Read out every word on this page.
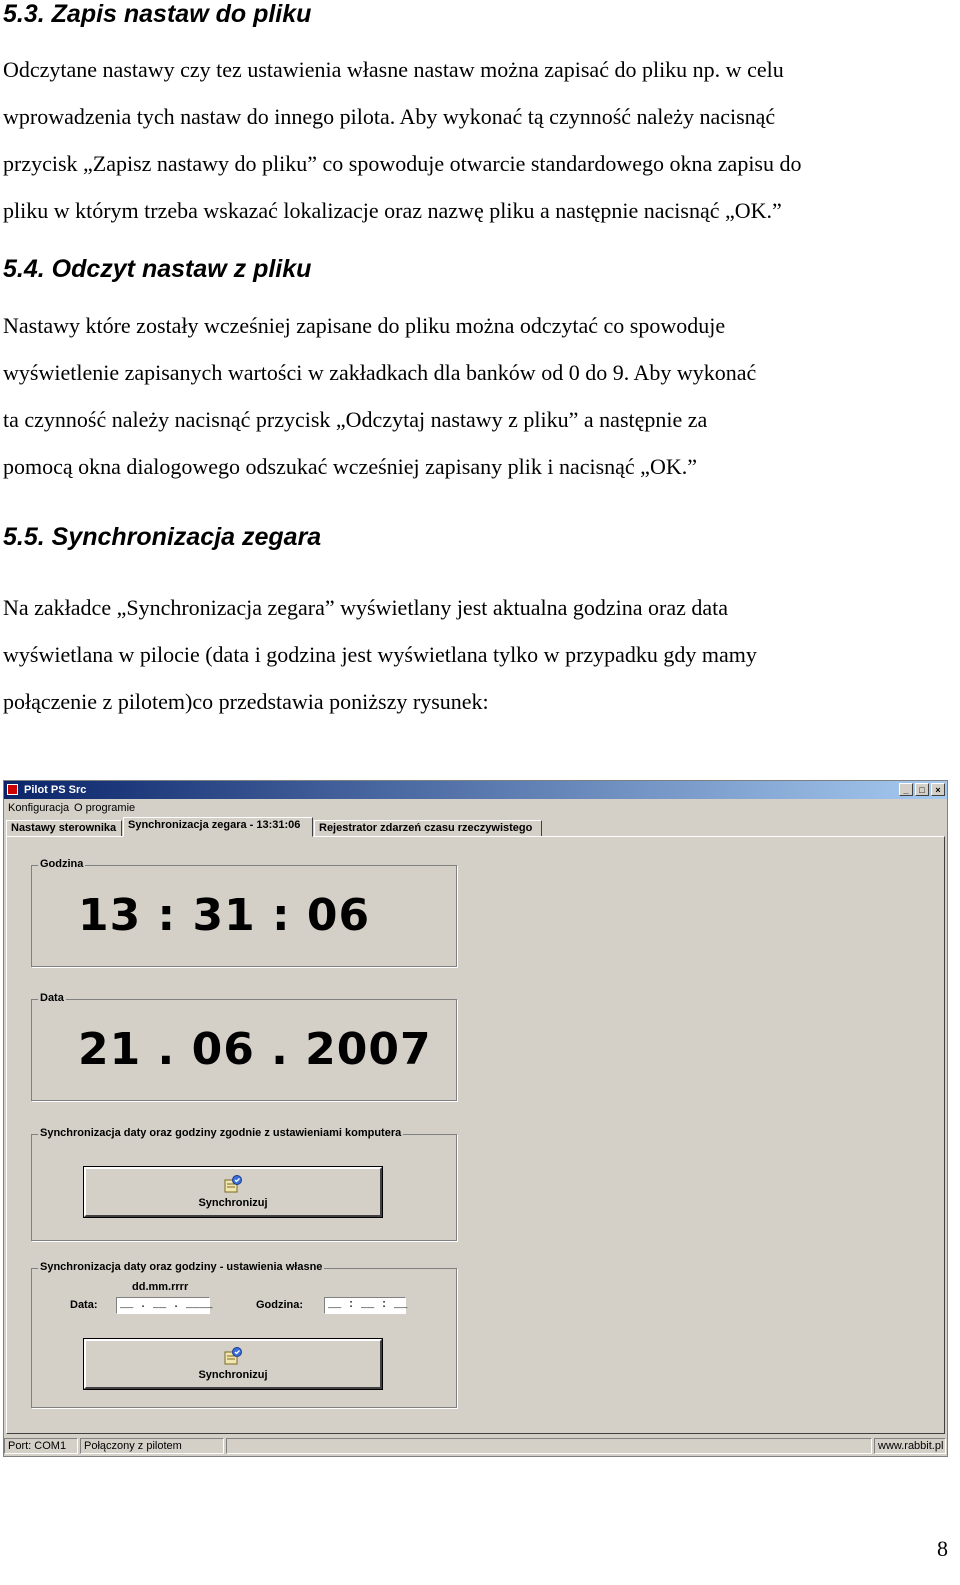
5.3. Zapis nastaw do pliku
Odczytane nastawy czy tez ustawienia własne nastaw można zapisać do pliku np. w celu
wprowadzenia tych nastaw do innego pilota. Aby wykonać tą czynność należy nacisnąć
przycisk „Zapisz nastawy do pliku” co spowoduje otwarcie standardowego okna zapisu do
pliku w którym trzeba wskazać lokalizacje oraz nazwę pliku a następnie nacisnąć „OK.”
5.4. Odczyt nastaw z pliku
Nastawy które zostały wcześniej zapisane do pliku można odczytać co spowoduje
wyświetlenie zapisanych wartości w zakładkach dla banków od 0 do 9. Aby wykonać
ta czynność należy nacisnąć przycisk „Odczytaj nastawy z pliku” a następnie za
pomocą okna dialogowego odszukać wcześniej zapisany plik i nacisnąć „OK.”
5.5. Synchronizacja zegara
Na zakładce „Synchronizacja zegara” wyświetlany jest aktualna godzina oraz data
wyświetlana w pilocie (data i godzina jest wyświetlana tylko w przypadku gdy mamy
połączenie z pilotem)co przedstawia poniższy rysunek:
Pilot PS Src	_	□	×
Konfiguracja O programie
Nastawy sterownika	Synchronizacja zegara - 13:31:06	Rejestrator zdarzeń czasu rzeczywistego
Godzina
13 : 31 : 06
Data
21 . 06 . 2007
Synchronizacja daty oraz godziny zgodnie z ustawieniami komputera
Synchronizuj
Synchronizacja daty oraz godziny - ustawienia własne
dd.mm.rrrr
Data:	__ . __ . ____	Godzina:	__ : __ : __
Synchronizuj
Port: COM1	Połączony z pilotem	www.rabbit.pl
8
